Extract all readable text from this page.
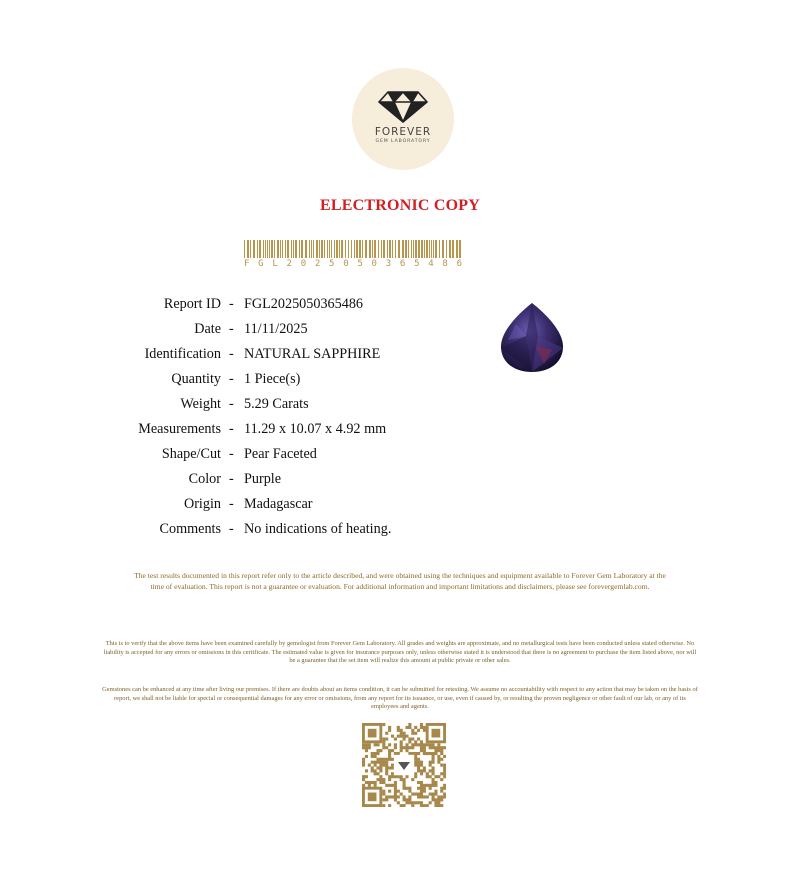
FOREVER
GEM LABORATORY
ELECTRONIC COPY
F G L 2 0 2 5 0 5 0 3 6 5 4 8 6
Report ID - FGL2025050365486
Date - 11/11/2025
Identification - NATURAL SAPPHIRE
Quantity - 1 Piece(s)
Weight - 5.29 Carats
Measurements - 11.29 x 10.07 x 4.92 mm
Shape/Cut - Pear Faceted
Color - Purple
Origin - Madagascar
Comments - No indications of heating.
The test results documented in this report refer only to the article described, and were obtained using the techniques and equipment available to Forever Gem Laboratory at the time of evaluation. This report is not a guarantee or evaluation. For additional information and important limitations and disclaimers, please see forevergemlab.com.
This is to verify that the above items have been examined carefully by gemologist from Forever Gem Laboratory. All grades and weights are approximate, and no metallurgical tests have been conducted unless stated otherwise. No liability is accepted for any errors or omissions in this certificate. The estimated value is given for insurance purposes only, unless otherwise stated it is understood that there is no agreement to purchase the item listed above, nor will be a guarantee that the set item will realize this amount at public private or other sales.
Gemstones can be enhanced at any time after living our premises. If there are doubts about an items condition, it can be submitted for retesting. We assume no accountability with respect to any action that may be taken on the basis of report, we shall not be liable for special or consequential damages for any error or omissions, from any report for its issuance, or use, even if caused by, or resulting the proven negligence or other fault of our lab, or any of its employees and agents.
